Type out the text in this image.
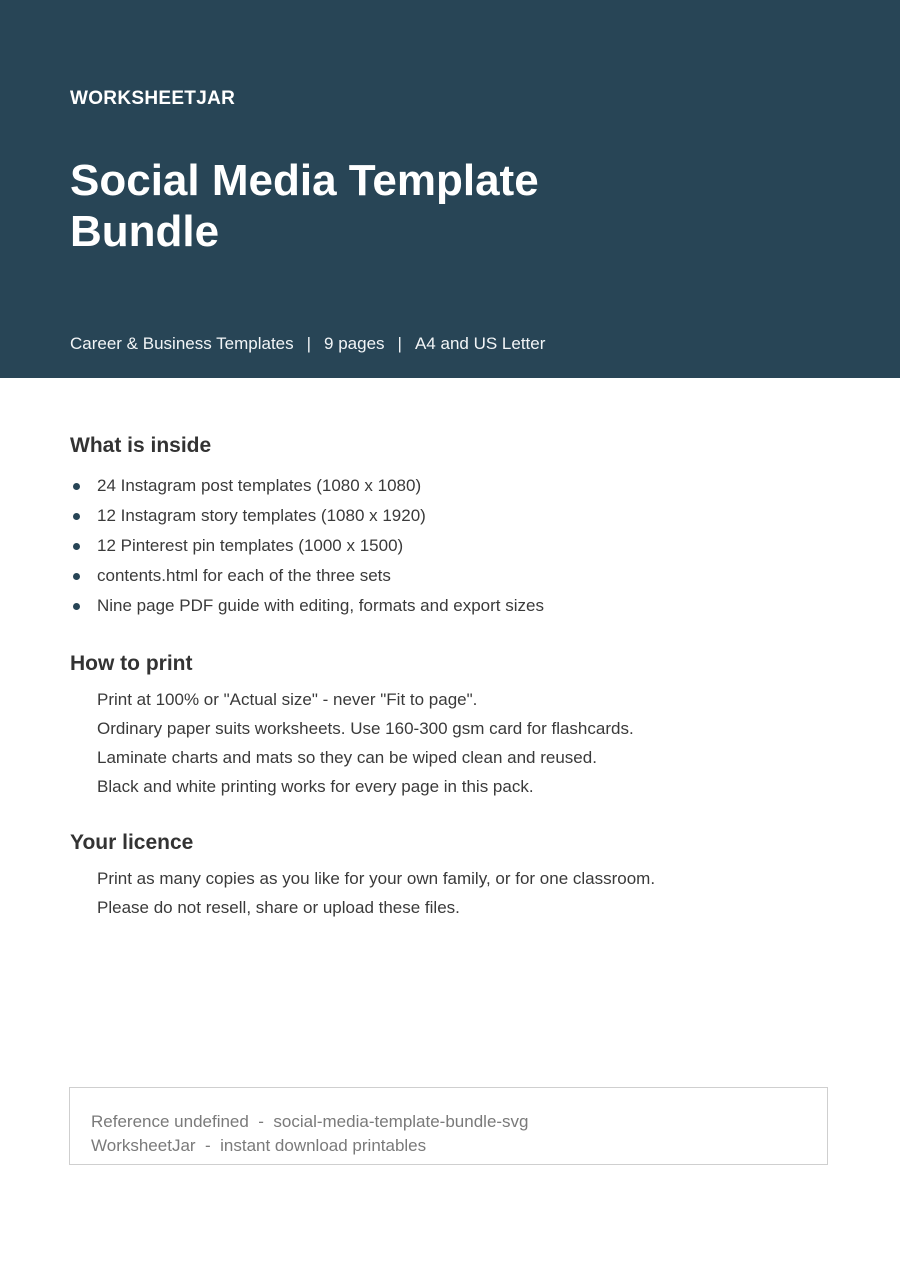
WORKSHEETJAR
Social Media Template Bundle
Career & Business Templates | 9 pages | A4 and US Letter
What is inside
24 Instagram post templates (1080 x 1080)
12 Instagram story templates (1080 x 1920)
12 Pinterest pin templates (1000 x 1500)
contents.html for each of the three sets
Nine page PDF guide with editing, formats and export sizes
How to print
Print at 100% or "Actual size" - never "Fit to page".
Ordinary paper suits worksheets. Use 160-300 gsm card for flashcards.
Laminate charts and mats so they can be wiped clean and reused.
Black and white printing works for every page in this pack.
Your licence
Print as many copies as you like for your own family, or for one classroom.
Please do not resell, share or upload these files.
Reference undefined  -  social-media-template-bundle-svg
WorksheetJar  -  instant download printables
